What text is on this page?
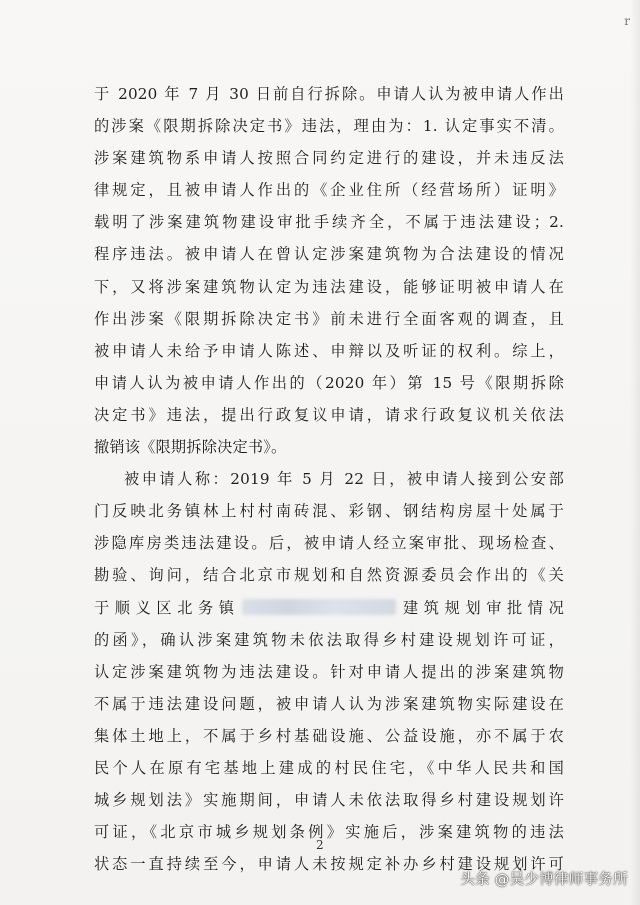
r
于 2020 年 7 月 30 日前自行拆除。申请人认为被申请人作出
的涉案《限期拆除决定书》违法，理由为：1. 认定事实不清。
涉案建筑物系申请人按照合同约定进行的建设，并未违反法
律规定，且被申请人作出的《企业住所（经营场所）证明》
载明了涉案建筑物建设审批手续齐全，不属于违法建设；2.
程序违法。被申请人在曾认定涉案建筑物为合法建设的情况
下，又将涉案建筑物认定为违法建设，能够证明被申请人在
作出涉案《限期拆除决定书》前未进行全面客观的调查，且
被申请人未给予申请人陈述、申辩以及听证的权利。综上，
申请人认为被申请人作出的（2020 年）第 15 号《限期拆除
决定书》违法，提出行政复议申请，请求行政复议机关依法
撤销该《限期拆除决定书》。
被申请人称：2019 年 5 月 22 日，被申请人接到公安部
门反映北务镇林上村村南砖混、彩钢、钢结构房屋十处属于
涉隐库房类违法建设。后，被申请人经立案审批、现场检查、
勘验、询问，结合北京市规划和自然资源委员会作出的《关
于顺义区北务镇	建筑规划审批情况
的函》，确认涉案建筑物未依法取得乡村建设规划许可证，
认定涉案建筑物为违法建设。针对申请人提出的涉案建筑物
不属于违法建设问题，被申请人认为涉案建筑物实际建设在
集体土地上，不属于乡村基础设施、公益设施，亦不属于农
民个人在原有宅基地上建成的村民住宅，《中华人民共和国
城乡规划法》实施期间，申请人未依法取得乡村建设规划许
可证，《北京市城乡规划条例》实施后，涉案建筑物的违法
状态一直持续至今，申请人未按规定补办乡村建设规划许可
2
头条 @吴少博律师事务所
